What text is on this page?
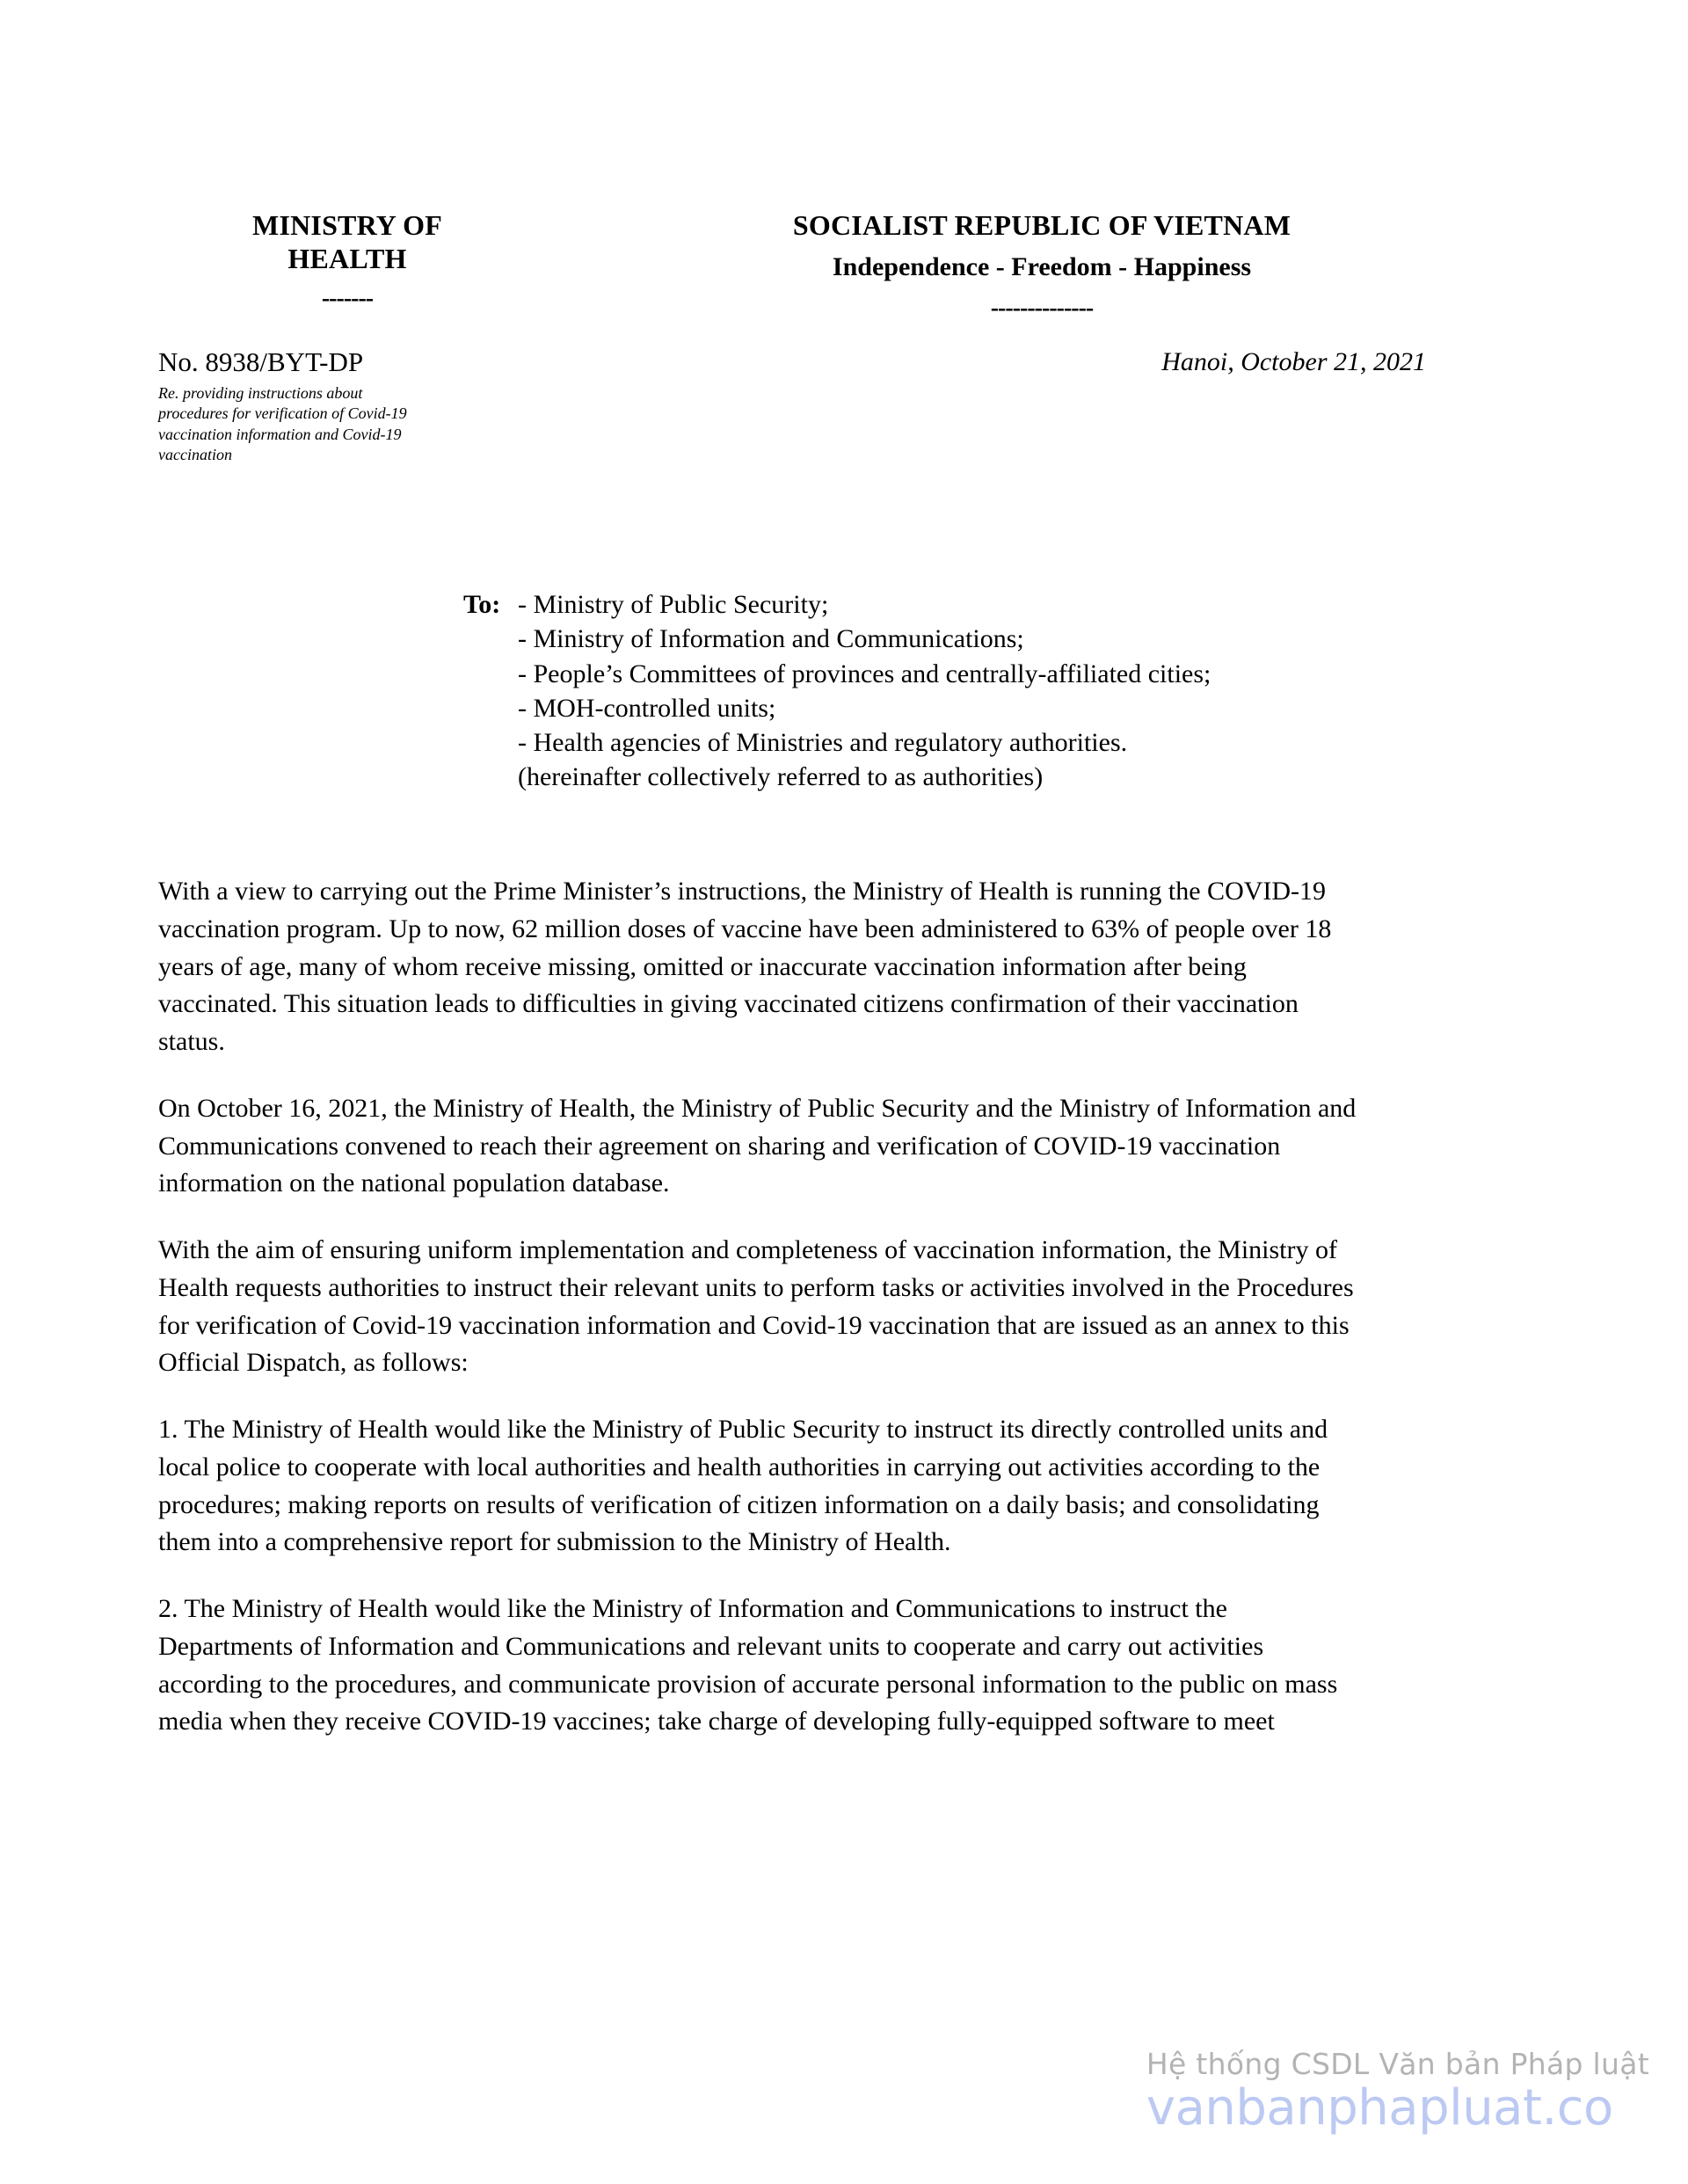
MINISTRY OF
HEALTH
-------
SOCIALIST REPUBLIC OF VIETNAM
Independence - Freedom - Happiness
--------------
No. 8938/BYT-DP
Re. providing instructions about procedures for verification of Covid-19 vaccination information and Covid-19 vaccination
Hanoi, October 21, 2021
To: - Ministry of Public Security;
- Ministry of Information and Communications;
- People’s Committees of provinces and centrally-affiliated cities;
- MOH-controlled units;
- Health agencies of Ministries and regulatory authorities.
(hereinafter collectively referred to as authorities)

With a view to carrying out the Prime Minister’s instructions, the Ministry of Health is running the COVID-19 vaccination program. Up to now, 62 million doses of vaccine have been administered to 63% of people over 18 years of age, many of whom receive missing, omitted or inaccurate vaccination information after being vaccinated. This situation leads to difficulties in giving vaccinated citizens confirmation of their vaccination status.

On October 16, 2021, the Ministry of Health, the Ministry of Public Security and the Ministry of Information and Communications convened to reach their agreement on sharing and verification of COVID-19 vaccination information on the national population database.

With the aim of ensuring uniform implementation and completeness of vaccination information, the Ministry of Health requests authorities to instruct their relevant units to perform tasks or activities involved in the Procedures for verification of Covid-19 vaccination information and Covid-19 vaccination that are issued as an annex to this Official Dispatch, as follows:

1. The Ministry of Health would like the Ministry of Public Security to instruct its directly controlled units and local police to cooperate with local authorities and health authorities in carrying out activities according to the procedures; making reports on results of verification of citizen information on a daily basis; and consolidating them into a comprehensive report for submission to the Ministry of Health.

2. The Ministry of Health would like the Ministry of Information and Communications to instruct the Departments of Information and Communications and relevant units to cooperate and carry out activities according to the procedures, and communicate provision of accurate personal information to the public on mass media when they receive COVID-19 vaccines; take charge of developing fully-equipped software to meet

Hệ thống CSDL Văn bản Pháp luật
vanbanphapluat.co
